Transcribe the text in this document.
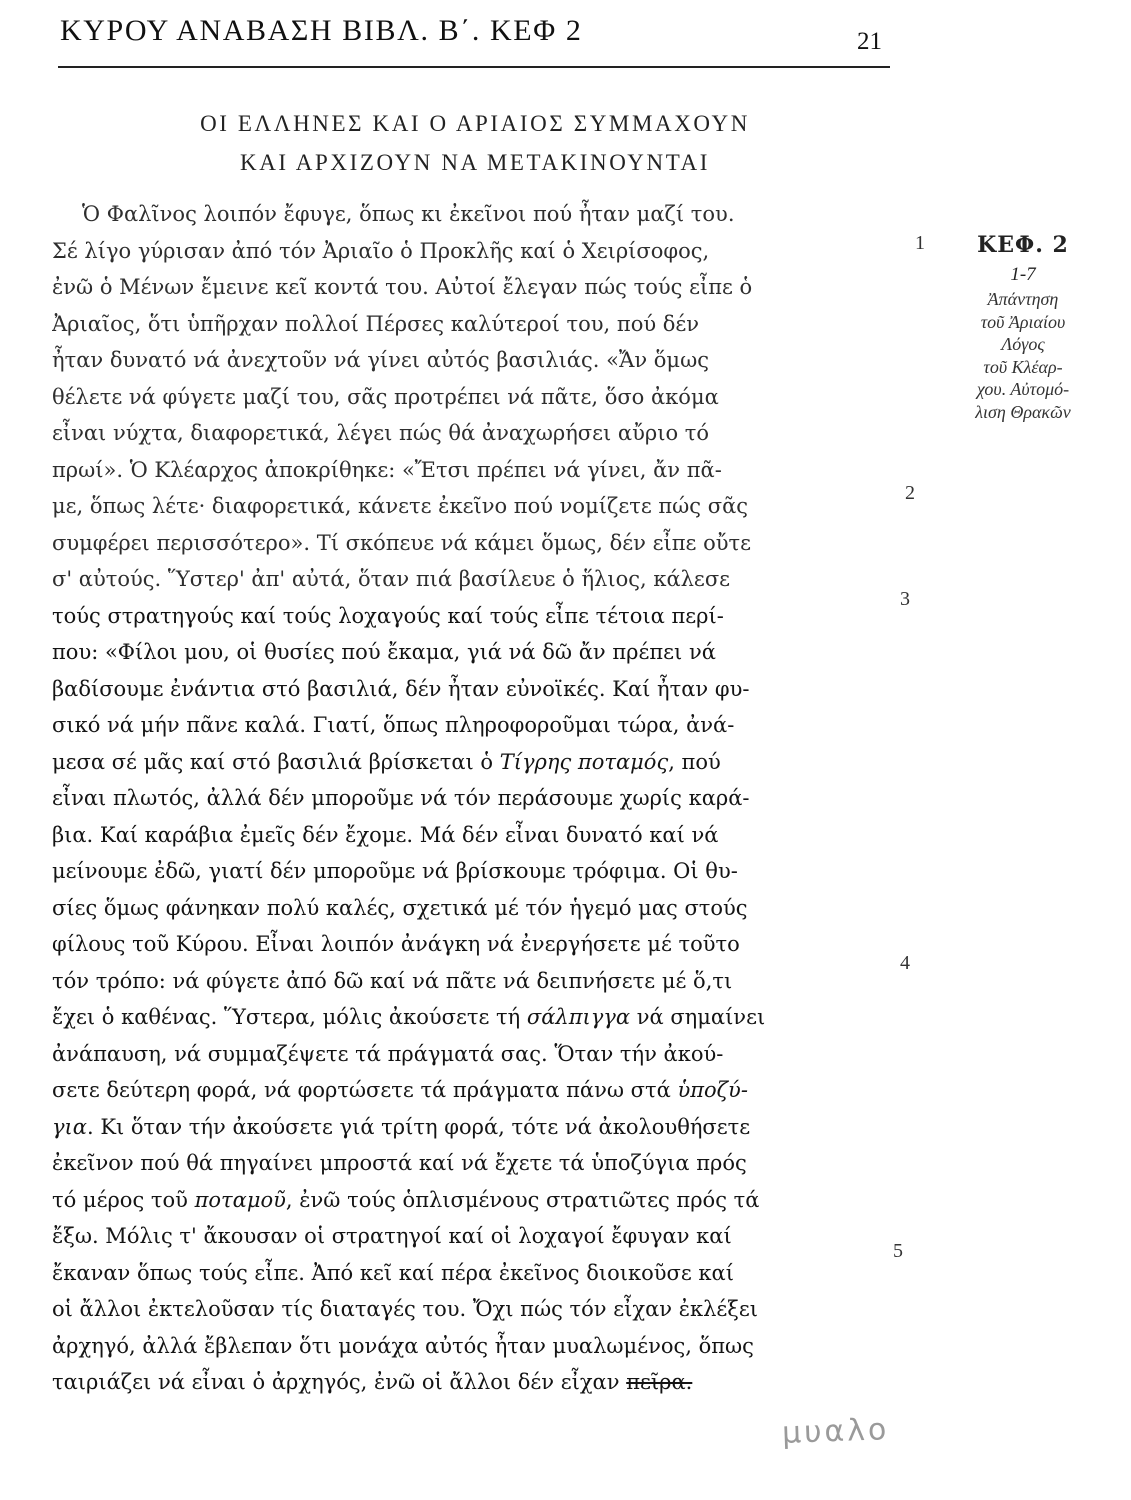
ΚΥΡΟΥ ΑΝΑΒΑΣΗ ΒΙΒΛ. Β΄. ΚΕΦ 2	21
ΟΙ ΕΛΛΗΝΕΣ ΚΑΙ Ο ΑΡΙΑΙΟΣ ΣΥΜΜΑΧΟΥΝ
ΚΑΙ ΑΡΧΙΖΟΥΝ ΝΑ ΜΕΤΑΚΙΝΟΥΝΤΑΙ
Ὁ Φαλῖνος λοιπόν ἔφυγε, ὅπως κι ἐκεῖνοι πού ἦταν μαζί του.
Σέ λίγο γύρισαν ἀπό τόν Ἀριαῖο ὁ Προκλῆς καί ὁ Χειρίσοφος,
ἐνῶ ὁ Μένων ἔμεινε κεῖ κοντά του. Αὐτοί ἔλεγαν πώς τούς εἶπε ὁ
Ἀριαῖος, ὅτι ὑπῆρχαν πολλοί Πέρσες καλύτεροί του, πού δέν
ἦταν δυνατό νά ἀνεχτοῦν νά γίνει αὐτός βασιλιάς. «Ἄν ὅμως
θέλετε νά φύγετε μαζί του, σᾶς προτρέπει νά πᾶτε, ὅσο ἀκόμα
εἶναι νύχτα, διαφορετικά, λέγει πώς θά ἀναχωρήσει αὔριο τό
πρωί». Ὁ Κλέαρχος ἀποκρίθηκε: «Ἔτσι πρέπει νά γίνει, ἄν πᾶ-
με, ὅπως λέτε· διαφορετικά, κάνετε ἐκεῖνο πού νομίζετε πώς σᾶς
συμφέρει περισσότερο». Τί σκόπευε νά κάμει ὅμως, δέν εἶπε οὔτε
σ' αὐτούς. Ὕστερ' ἀπ' αὐτά, ὅταν πιά βασίλευε ὁ ἥλιος, κάλεσε
τούς στρατηγούς καί τούς λοχαγούς καί τούς εἶπε τέτοια περί-
που: «Φίλοι μου, οἱ θυσίες πού ἔκαμα, γιά νά δῶ ἄν πρέπει νά
βαδίσουμε ἐνάντια στό βασιλιά, δέν ἦταν εὐνοϊκές. Καί ἦταν φυ-
σικό νά μήν πᾶνε καλά. Γιατί, ὅπως πληροφοροῦμαι τώρα, ἀνά-
μεσα σέ μᾶς καί στό βασιλιά βρίσκεται ὁ Τίγρης ποταμός, πού
εἶναι πλωτός, ἀλλά δέν μποροῦμε νά τόν περάσουμε χωρίς καρά-
βια. Καί καράβια ἐμεῖς δέν ἔχομε. Μά δέν εἶναι δυνατό καί νά
μείνουμε ἐδῶ, γιατί δέν μποροῦμε νά βρίσκουμε τρόφιμα. Οἱ θυ-
σίες ὅμως φάνηκαν πολύ καλές, σχετικά μέ τόν ἡγεμό μας στούς
φίλους τοῦ Κύρου. Εἶναι λοιπόν ἀνάγκη νά ἐνεργήσετε μέ τοῦτο
τόν τρόπο: νά φύγετε ἀπό δῶ καί νά πᾶτε νά δειπνήσετε μέ ὅ,τι
ἔχει ὁ καθένας. Ὕστερα, μόλις ἀκούσετε τή σάλπιγγα νά σημαίνει
ἀνάπαυση, νά συμμαζέψετε τά πράγματά σας. Ὅταν τήν ἀκού-
σετε δεύτερη φορά, νά φορτώσετε τά πράγματα πάνω στά ὑποζύ-
για. Κι ὅταν τήν ἀκούσετε γιά τρίτη φορά, τότε νά ἀκολουθήσετε
ἐκεῖνον πού θά πηγαίνει μπροστά καί νά ἔχετε τά ὑποζύγια πρός
τό μέρος τοῦ ποταμοῦ, ἐνῶ τούς ὁπλισμένους στρατιῶτες πρός τά
ἔξω. Μόλις τ' ἄκουσαν οἱ στρατηγοί καί οἱ λοχαγοί ἔφυγαν καί
ἔκαναν ὅπως τούς εἶπε. Ἀπό κεῖ καί πέρα ἐκεῖνος διοικοῦσε καί
οἱ ἄλλοι ἐκτελοῦσαν τίς διαταγές του. Ὄχι πώς τόν εἶχαν ἐκλέξει
ἀρχηγό, ἀλλά ἔβλεπαν ὅτι μονάχα αὐτός ἦταν μυαλωμένος, ὅπως
ταιριάζει νά εἶναι ὁ ἀρχηγός, ἐνῶ οἱ ἄλλοι δέν εἶχαν πεῖρα.
1
2
3
4
5
ΚΕΦ. 2
1-7
Ἀπάντηση
τοῦ Ἀριαίου
Λόγος
τοῦ Κλέαρ-
χου. Αὐτομό-
λιση Θρακῶν
μυαλο
